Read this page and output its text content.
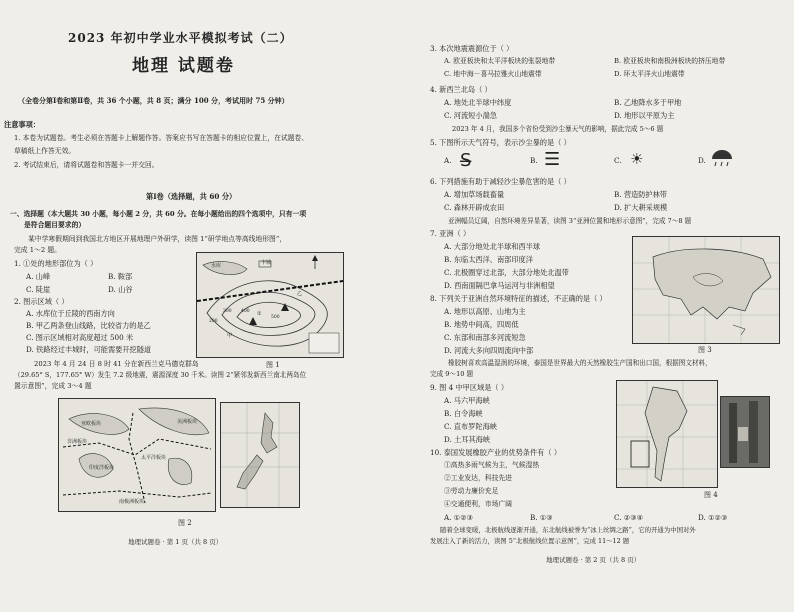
2023 年初中学业水平模拟考试（二）
地理 试题卷
（全卷分第Ⅰ卷和第Ⅱ卷，共 36 个小题，共 8 页；满分 100 分，考试用时 75 分钟）
注意事项：
1. 本卷为试题卷。考生必须在答题卡上解题作答。答案应书写在答题卡的相应位置上，在试题卷、
草稿纸上作答无效。
2. 考试结束后，请将试题卷和答题卡一并交回。
第Ⅰ卷（选择题，共 60 分）
一、选择题（本大题共 30 小题，每小题 2 分，共 60 分。在每小题给出的四个选项中，只有一项
是符合题目要求的）
某中学寒假期间到我国北方地区开展地理户外研学，读图 1“研学地点等高线地形图”，
完成 1～2 题。
1. ①处的地形部位为（ ）
A. 山峰	B. 鞍部
C. 陡崖	D. 山谷
2. 图示区域（ ）
A. 水库位于丘陵的西南方向
B. 甲乙两条登山线路，比较省力的是乙
C. 图示区域相对高度超过 500 米
D. 铁路经过丰城时，可能需要开挖隧道
丰城
水库
甲
乙
①
200
300 400
500
图 1
2023 年 4 月 24 日 8 时 41 分在新西兰克马德克群岛
（29.65° S，177.65° W）发生 7.2 级地震，震源深度 30 千米。读图 2“紧邻发新西兰南北两岛位
置示意图”，完成 3～4 题
亚欧板块
太平洋板块
印度洋板块
美洲板块
南极洲板块
非洲板块
图 2
地理试题卷 · 第 1 页（共 8 页）
3. 本次地震震源位于（ ）
A. 欧亚板块和太平洋板块的张裂地带	B. 欧亚板块和南极洲板块的挤压地带
C. 地中海－喜马拉雅火山地震带	D. 环太平洋火山地震带
4. 新西兰北岛（ ）
A. 地处北半球中纬度	B. 乙地降水多于甲地
C. 河流短小湍急	D. 地形以平原为主
2023 年 4 月，我国多个省份受到沙尘暴天气的影响，据此完成 5～6 题
5. 下图所示天气符号，表示沙尘暴的是（ ）
A. S̶	B. ☰	C. ☀	D.
6. 下列措施有助于减轻沙尘暴危害的是（ ）
A. 增加草场载畜量	B. 营造防护林带
C. 森林开辟成农田	D. 扩大耕采规模
亚洲幅员辽阔，自然环境差异显著，读图 3“亚洲位置和地形示意图”，完成 7～8 题
7. 亚洲（ ）
A. 大部分地处北半球和西半球
B. 东临太西洋、南部印度洋
C. 北极圈穿过北部，大部分地处北温带
D. 西南面隔巴拿马运河与非洲相望
图 3
8. 下列关于亚洲自然环境特征的描述，不正确的是（ ）
A. 地形以高原、山地为主
B. 地势中间高，四周低
C. 东部和南部多河流短急
D. 河流大多向四周流向中部
橡胶树喜欢高温湿润的环境，泰国是世界最大的天然橡胶生产国和出口国，根据图文材料，
完成 9～10 题
9. 图 4 中甲区域是（ ）
A. 马六甲海峡
B. 白令海峡
C. 直布罗陀海峡
D. 土耳其海峡
图 4
10. 泰国发展橡胶产业的优势条件有（ ）
①高热多雨气候为主，气候湿热
②工业发达，科技先进
③劳动力廉价充足
④交通便利，市场广阔
A. ①②③	B. ①③	C. ②③④	D. ①②③
随着全球变暖，北极航线逐渐开通，东北航线被誉为“冰上丝绸之路”，它的开通为中国对外
发展注入了新的活力，读图 5“北极航线位置示意图”，完成 11～12 题
地理试题卷 · 第 2 页（共 8 页）
